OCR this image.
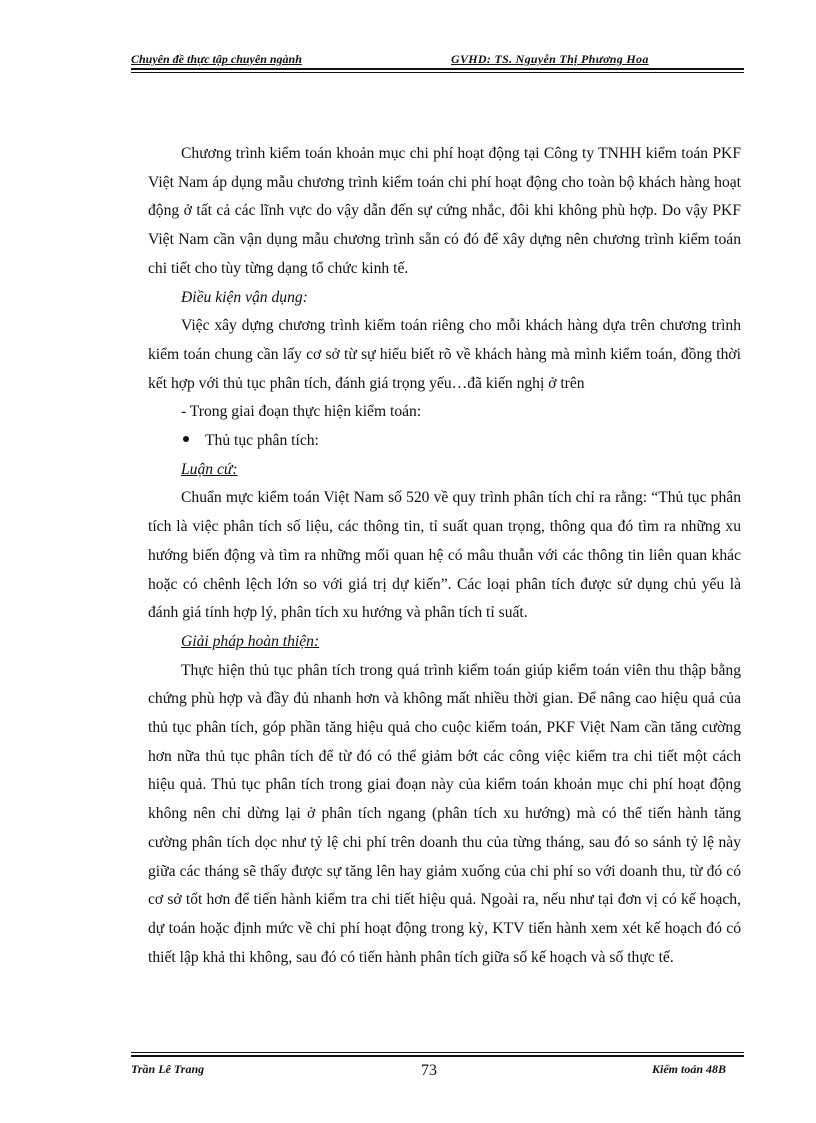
Chuyên đề thực tập chuyên ngành	GVHD: TS. Nguyễn Thị Phương Hoa

Chương trình kiểm toán khoản mục chi phí hoạt động tại Công ty TNHH kiểm toán PKF Việt Nam áp dụng mẫu chương trình kiểm toán chi phí hoạt động cho toàn bộ khách hàng hoạt động ở tất cả các lĩnh vực do vậy dẫn đến sự cứng nhắc, đôi khi không phù hợp. Do vậy PKF Việt Nam cần vận dụng mẫu chương trình sẵn có đó để xây dựng nên chương trình kiểm toán chi tiết cho tùy từng dạng tổ chức kinh tế.

Điều kiện vận dụng:

Việc xây dựng chương trình kiểm toán riêng cho mỗi khách hàng dựa trên chương trình kiểm toán chung cần lấy cơ sở từ sự hiểu biết rõ về khách hàng mà mình kiểm toán, đồng thời kết hợp với thủ tục phân tích, đánh giá trọng yếu…đã kiến nghị ở trên

- Trong giai đoạn thực hiện kiểm toán:

Thủ tục phân tích:

Luận cứ:

Chuẩn mực kiểm toán Việt Nam số 520 về quy trình phân tích chỉ ra rằng: “Thủ tục phân tích là việc phân tích số liệu, các thông tin, tỉ suất quan trọng, thông qua đó tìm ra những xu hướng biến động và tìm ra những mối quan hệ có mâu thuẫn với các thông tin liên quan khác hoặc có chênh lệch lớn so với giá trị dự kiến”. Các loại phân tích được sử dụng chủ yếu là đánh giá tính hợp lý, phân tích xu hướng và phân tích tỉ suất.

Giải pháp hoàn thiện:

Thực hiện thủ tục phân tích trong quá trình kiểm toán giúp kiểm toán viên thu thập bằng chứng phù hợp và đầy đủ nhanh hơn và không mất nhiều thời gian. Để nâng cao hiệu quả của thủ tục phân tích, góp phần tăng hiệu quả cho cuộc kiểm toán, PKF Việt Nam cần tăng cường hơn nữa thủ tục phân tích để từ đó có thể giảm bớt các công việc kiểm tra chi tiết một cách hiệu quả. Thủ tục phân tích trong giai đoạn này của kiểm toán khoản mục chi phí hoạt động không nên chỉ dừng lại ở phân tích ngang (phân tích xu hướng) mà có thể tiến hành tăng cường phân tích dọc như tỷ lệ chi phí trên doanh thu của từng tháng, sau đó so sánh tỷ lệ này giữa các tháng sẽ thấy được sự tăng lên hay giảm xuống của chi phí so với doanh thu, từ đó có cơ sở tốt hơn để tiến hành kiểm tra chi tiết hiệu quả. Ngoài ra, nếu như tại đơn vị có kế hoạch, dự toán hoặc định mức về chi phí hoạt động trong kỳ, KTV tiến hành xem xét kế hoạch đó có thiết lập khả thi không, sau đó có tiến hành phân tích giữa số kế hoạch và số thực tế.

Trần Lê Trang	73	Kiểm toán 48B
